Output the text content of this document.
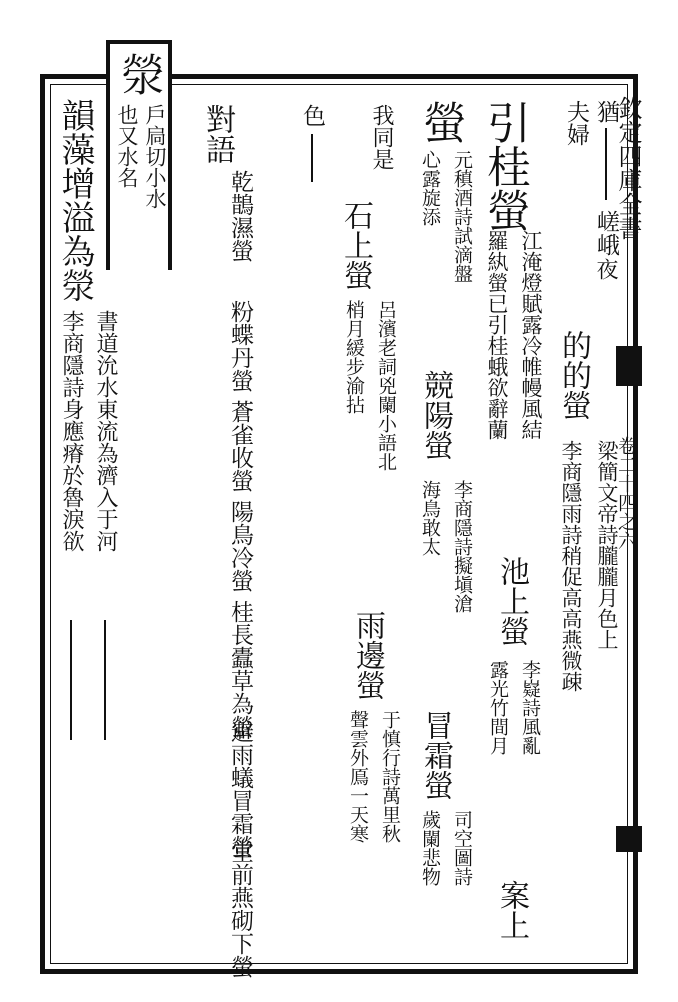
欽定四庫全書
卷二十四之六
猶
嵯峨
夜
夫婦
的的螢
梁簡文帝詩朧朧月色上
李商隱雨詩稍促高高燕微疎
引桂螢
江淹燈賦露冷帷幔風結
羅紈螢已引桂蛾欲辭蘭
池上螢
李嶷詩風亂
露光竹間月
案上
螢
元稹酒詩試滴盤
心露旋添
競陽螢
李商隱詩擬塡滄
海鳥敢太
冒霜螢
司空圖詩
歲闌悲物
我同是
石上螢
呂濱老詞兇闌小語北
梢月緩步渝拈
雨邊螢
于慎行詩萬里秋
聲雲外鳫一天寒
色
對語
乾鵲濕螢
粉蝶丹螢
蒼雀收螢
陽鳥冷螢
桂長蠹草為螢
避雨蟻冒霜螢
堂前燕砌下螢
滎
戶扃切小水
也又水名
韻藻增溢為滎
書道沇水東流為濟入于河
李商隱詩身應瘠於魯淚欲
